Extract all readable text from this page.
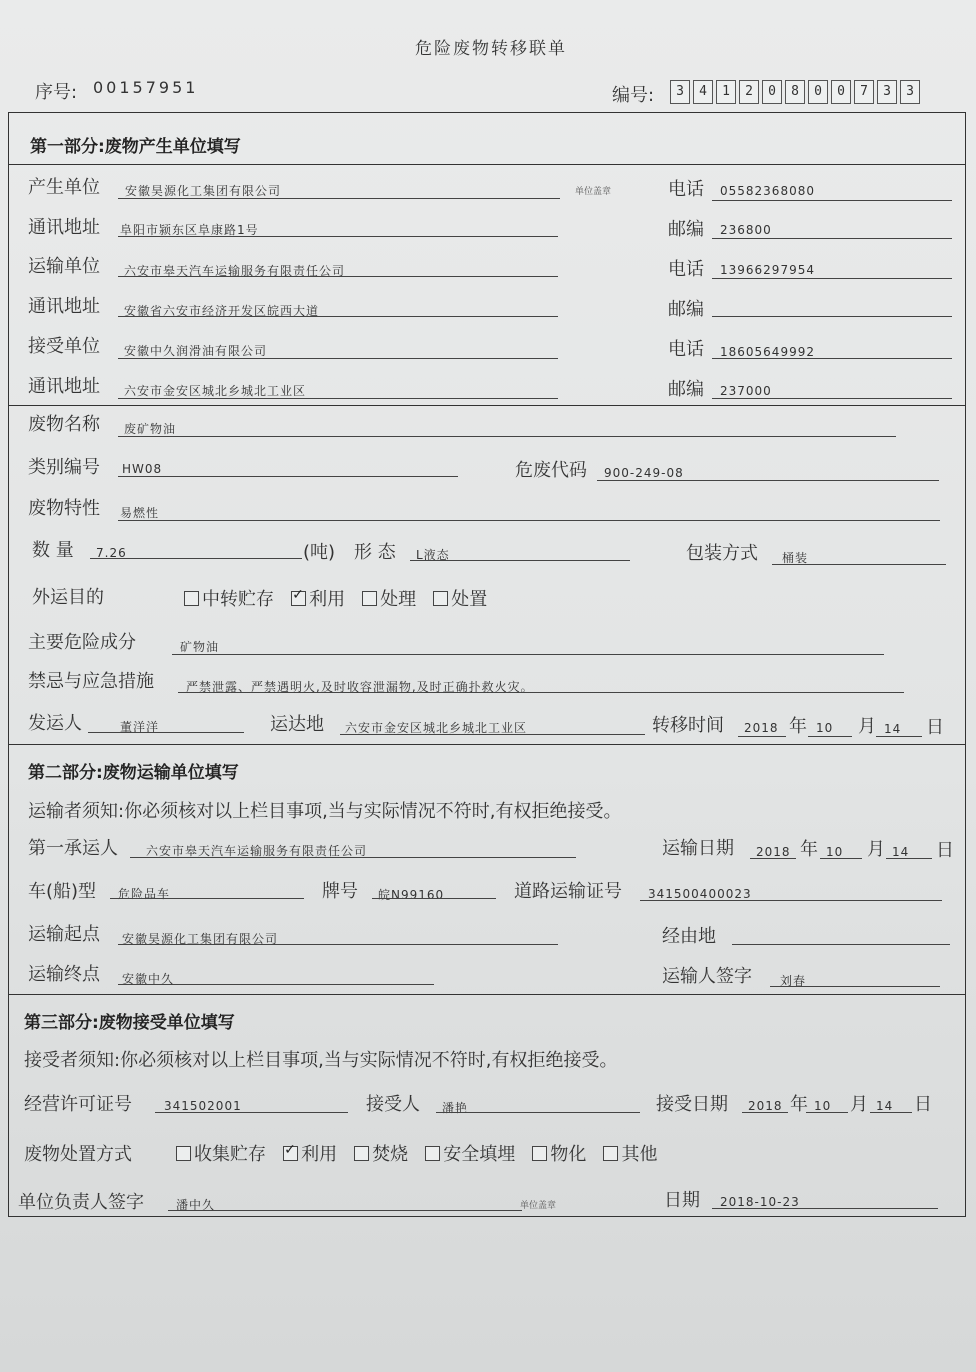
危险废物转移联单
序号: 00157951	编号:	3	4	1	2	0	8	0	0	7	3	3
第一部分:废物产生单位填写
产生单位 安徽昊源化工集团有限公司	单位盖章	电话 05582368080
通讯地址 阜阳市颍东区阜康路1号	邮编 236800
运输单位 六安市皋天汽车运输服务有限责任公司	电话 13966297954
通讯地址 安徽省六安市经济开发区皖西大道	邮编
接受单位 安徽中久润滑油有限公司	电话 18605649992
通讯地址 六安市金安区城北乡城北工业区	邮编 237000
废物名称 废矿物油
类别编号 HW08	危废代码 900-249-08
废物特性 易燃性
数 量 7.26	(吨) 形 态 L液态	包装方式 桶装
外运目的	中转贮存 ✓ 利用 处理 处置
主要危险成分	矿物油
禁忌与应急措施	严禁泄露、严禁遇明火,及时收容泄漏物,及时正确扑救火灾。
发运人	董洋洋	运达地 六安市金安区城北乡城北工业区	转移时间 2018 年 10 月 14 日
第二部分:废物运输单位填写
运输者须知:你必须核对以上栏目事项,当与实际情况不符时,有权拒绝接受。
第一承运人 六安市皋天汽车运输服务有限责任公司	运输日期 2018 年 10 月 14 日
车(船)型 危险品车	牌号 皖N99160	道路运输证号 341500400023
运输起点 安徽昊源化工集团有限公司	经由地
运输终点 安徽中久	运输人签字 刘春
第三部分:废物接受单位填写
接受者须知:你必须核对以上栏目事项,当与实际情况不符时,有权拒绝接受。
经营许可证号	341502001	接受人 潘艳	接受日期 2018 年 10 月 14 日
废物处置方式	收集贮存 ✓ 利用 焚烧 安全填埋 物化 其他
单位负责人签字	潘中久	单位盖章	日期 2018-10-23
